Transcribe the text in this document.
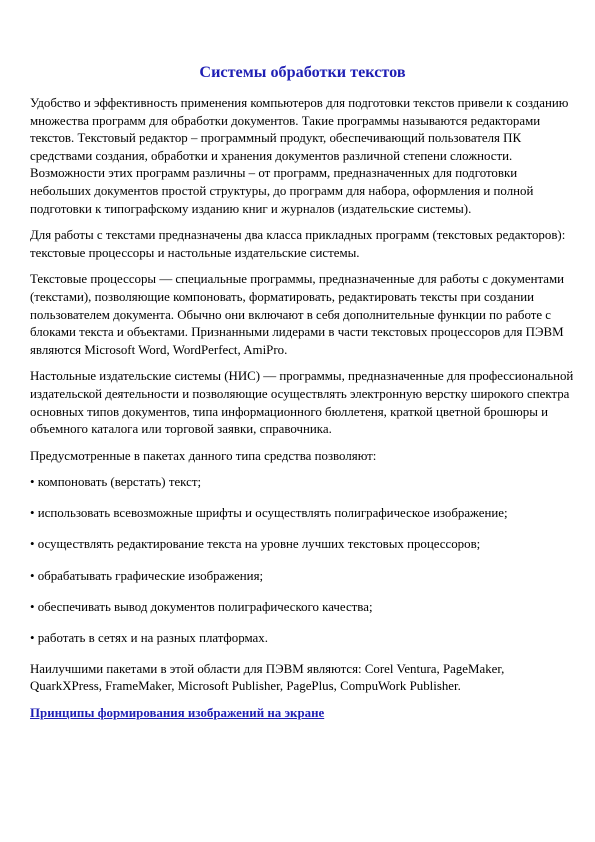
Системы обработки текстов

Удобство и эффективность применения компьютеров для подготовки текстов привели к созданию множества программ для обработки документов. Такие программы называются редакторами текстов. Текстовый редактор – программный продукт, обеспечивающий пользователя ПК средствами создания, обработки и хранения документов различной степени сложности. Возможности этих программ различны – от программ, предназначенных для подготовки небольших документов простой структуры, до программ для набора, оформления и полной подготовки к типографскому изданию книг и журналов (издательские системы).

Для работы с текстами предназначены два класса прикладных программ (текстовых редакторов): текстовые процессоры и настольные издательские системы.

Текстовые процессоры — специальные программы, предназначенные для работы с документами (текстами), позволяющие компоновать, форматировать, редактировать тексты при создании пользователем документа. Обычно они включают в себя дополнительные функции по работе с блоками текста и объектами. Признанными лидерами в части текстовых процессоров для ПЭВМ являются Microsoft Word, WordPerfect, AmiPro.

Настольные издательские системы (НИС) — программы, предназначенные для профессиональной издательской деятельности и позволяющие осуществлять электронную верстку широкого спектра основных типов документов, типа информационного бюллетеня, краткой цветной брошюры и объемного каталога или торговой заявки, справочника.

Предусмотренные в пакетах данного типа средства позволяют:

• компоновать (верстать) текст;

• использовать всевозможные шрифты и осуществлять полиграфическое изображение;

• осуществлять редактирование текста на уровне лучших текстовых процессоров;

• обрабатывать графические изображения;

• обеспечивать вывод документов полиграфического качества;

• работать в сетях и на разных платформах.

Наилучшими пакетами в этой области для ПЭВМ являются: Corel Ventura, PageMaker, QuarkXPress, FrameMaker, Microsoft Publisher, PagePlus, CompuWork Publisher.

Принципы формирования изображений на экране
